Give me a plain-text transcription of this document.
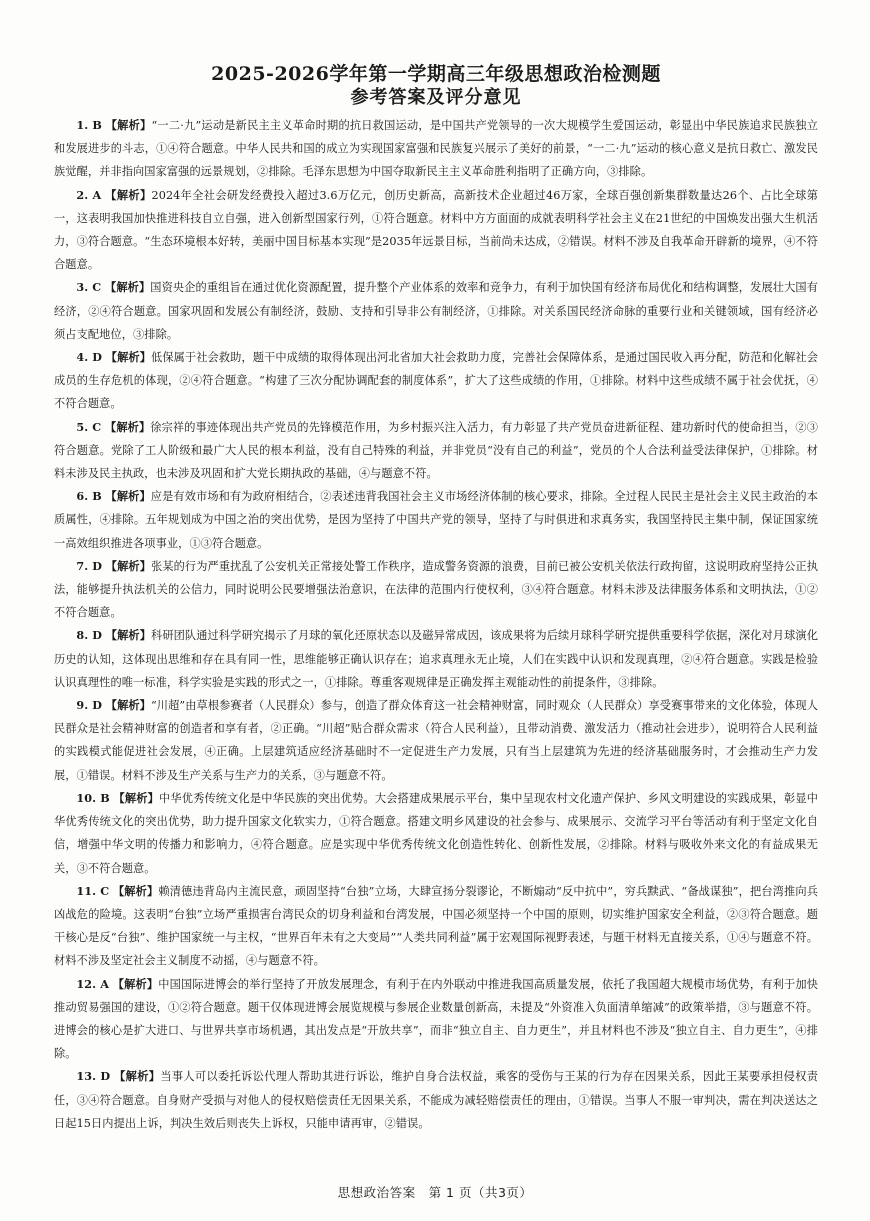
2025-2026学年第一学期高三年级思想政治检测题
参考答案及评分意见

1. B 【解析】“一二·九”运动是新民主主义革命时期的抗日救国运动，是中国共产党领导的一次大规模学生爱国运动，彰显出中华民族追求民族独立和发展进步的斗志，①④符合题意。中华人民共和国的成立为实现国家富强和民族复兴展示了美好的前景，“一二·九”运动的核心意义是抗日救亡、激发民族觉醒，并非指向国家富强的远景规划，②排除。毛泽东思想为中国夺取新民主主义革命胜利指明了正确方向，③排除。

2. A 【解析】2024年全社会研发经费投入超过3.6万亿元，创历史新高，高新技术企业超过46万家，全球百强创新集群数量达26个、占比全球第一，这表明我国加快推进科技自立自强，进入创新型国家行列，①符合题意。材料中方方面面的成就表明科学社会主义在21世纪的中国焕发出强大生机活力，③符合题意。“生态环境根本好转，美丽中国目标基本实现”是2035年远景目标，当前尚未达成，②错误。材料不涉及自我革命开辟新的境界，④不符合题意。

3. C 【解析】国资央企的重组旨在通过优化资源配置，提升整个产业体系的效率和竞争力，有利于加快国有经济布局优化和结构调整，发展壮大国有经济，②④符合题意。国家巩固和发展公有制经济，鼓励、支持和引导非公有制经济，①排除。对关系国民经济命脉的重要行业和关键领域，国有经济必须占支配地位，③排除。

4. D 【解析】低保属于社会救助，题干中成绩的取得体现出河北省加大社会救助力度，完善社会保障体系，是通过国民收入再分配，防范和化解社会成员的生存危机的体现，②④符合题意。“构建了三次分配协调配套的制度体系”，扩大了这些成绩的作用，①排除。材料中这些成绩不属于社会优抚，④不符合题意。

5. C 【解析】徐宗祥的事迹体现出共产党员的先锋模范作用，为乡村振兴注入活力，有力彰显了共产党员奋进新征程、建功新时代的使命担当，②③符合题意。党除了工人阶级和最广大人民的根本利益，没有自己特殊的利益，并非党员“没有自己的利益”，党员的个人合法利益受法律保护，①排除。材料未涉及民主执政，也未涉及巩固和扩大党长期执政的基础，④与题意不符。

6. B 【解析】应是有效市场和有为政府相结合，②表述违背我国社会主义市场经济体制的核心要求，排除。全过程人民民主是社会主义民主政治的本质属性，④排除。五年规划成为中国之治的突出优势，是因为坚持了中国共产党的领导，坚持了与时俱进和求真务实，我国坚持民主集中制，保证国家统一高效组织推进各项事业，①③符合题意。

7. D 【解析】张某的行为严重扰乱了公安机关正常接处警工作秩序，造成警务资源的浪费，目前已被公安机关依法行政拘留，这说明政府坚持公正执法，能够提升执法机关的公信力，同时说明公民要增强法治意识，在法律的范围内行使权利，③④符合题意。材料未涉及法律服务体系和文明执法，①②不符合题意。

8. D 【解析】科研团队通过科学研究揭示了月球的氧化还原状态以及磁异常成因，该成果将为后续月球科学研究提供重要科学依据，深化对月球演化历史的认知，这体现出思维和存在具有同一性，思维能够正确认识存在；追求真理永无止境，人们在实践中认识和发现真理，②④符合题意。实践是检验认识真理性的唯一标准，科学实验是实践的形式之一，①排除。尊重客观规律是正确发挥主观能动性的前提条件，③排除。

9. D 【解析】“川超”由草根参赛者（人民群众）参与，创造了群众体育这一社会精神财富，同时观众（人民群众）享受赛事带来的文化体验，体现人民群众是社会精神财富的创造者和享有者，②正确。“川超”贴合群众需求（符合人民利益），且带动消费、激发活力（推动社会进步），说明符合人民利益的实践模式能促进社会发展，④正确。上层建筑适应经济基础时不一定促进生产力发展，只有当上层建筑为先进的经济基础服务时，才会推动生产力发展，①错误。材料不涉及生产关系与生产力的关系，③与题意不符。

10. B 【解析】中华优秀传统文化是中华民族的突出优势。大会搭建成果展示平台，集中呈现农村文化遗产保护、乡风文明建设的实践成果，彰显中华优秀传统文化的突出优势，助力提升国家文化软实力，①符合题意。搭建文明乡风建设的社会参与、成果展示、交流学习平台等活动有利于坚定文化自信，增强中华文明的传播力和影响力，④符合题意。应是实现中华优秀传统文化创造性转化、创新性发展，②排除。材料与吸收外来文化的有益成果无关，③不符合题意。

11. C 【解析】赖清德违背岛内主流民意，顽固坚持“台独”立场，大肆宣扬分裂谬论，不断煽动“反中抗中”，穷兵黩武、“备战谋独”，把台湾推向兵凶战危的险境。这表明“台独”立场严重损害台湾民众的切身利益和台湾发展，中国必须坚持一个中国的原则，切实维护国家安全利益，②③符合题意。题干核心是反“台独”、维护国家统一与主权，“世界百年未有之大变局”“人类共同利益”属于宏观国际视野表述，与题干材料无直接关系，①④与题意不符。材料不涉及坚定社会主义制度不动摇，④与题意不符。

12. A 【解析】中国国际进博会的举行坚持了开放发展理念，有利于在内外联动中推进我国高质量发展，依托了我国超大规模市场优势，有利于加快推动贸易强国的建设，①②符合题意。题干仅体现进博会展览规模与参展企业数量创新高，未提及“外资准入负面清单缩减”的政策举措，③与题意不符。进博会的核心是扩大进口、与世界共享市场机遇，其出发点是“开放共享”，而非“独立自主、自力更生”，并且材料也不涉及“独立自主、自力更生”，④排除。

13. D 【解析】当事人可以委托诉讼代理人帮助其进行诉讼，维护自身合法权益，乘客的受伤与王某的行为存在因果关系，因此王某要承担侵权责任，③④符合题意。自身财产受损与对他人的侵权赔偿责任无因果关系，不能成为减轻赔偿责任的理由，①错误。当事人不服一审判决，需在判决送达之日起15日内提出上诉，判决生效后则丧失上诉权，只能申请再审，②错误。

思想政治答案　第 1 页（共3页）
